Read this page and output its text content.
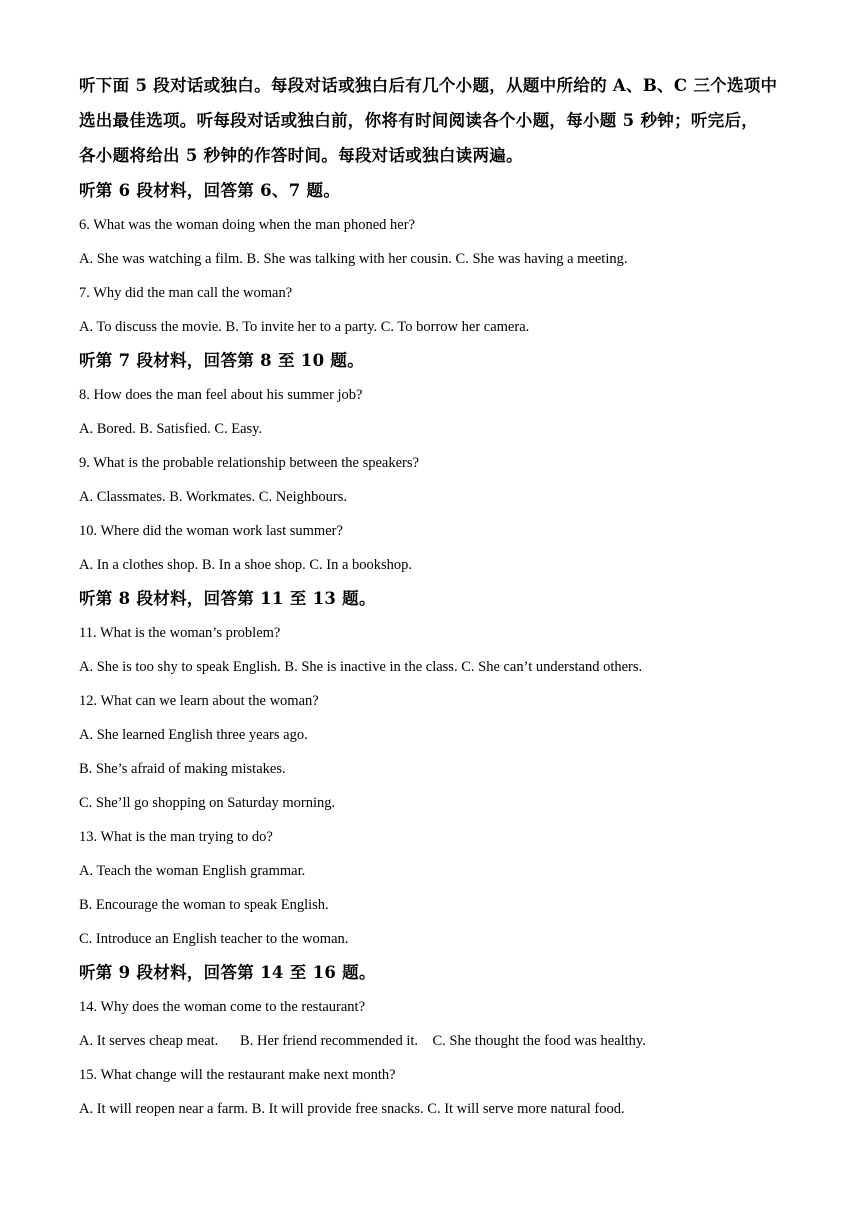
听下面 5 段对话或独白。每段对话或独白后有几个小题，从题中所给的 A、B、C 三个选项中
选出最佳选项。听每段对话或独白前，你将有时间阅读各个小题，每小题 5 秒钟；听完后，
各小题将给出 5 秒钟的作答时间。每段对话或独白读两遍。
听第 6 段材料，回答第 6、7 题。
6. What was the woman doing when the man phoned her?
A. She was watching a film. B. She was talking with her cousin. C. She was having a meeting.
7. Why did the man call the woman?
A. To discuss the movie. B. To invite her to a party. C. To borrow her camera.
听第 7 段材料，回答第 8 至 10 题。
8. How does the man feel about his summer job?
A. Bored. B. Satisfied. C. Easy.
9. What is the probable relationship between the speakers?
A. Classmates. B. Workmates. C. Neighbours.
10. Where did the woman work last summer?
A. In a clothes shop. B. In a shoe shop. C. In a bookshop.
听第 8 段材料，回答第 11 至 13 题。
11. What is the woman’s problem?
A. She is too shy to speak English. B. She is inactive in the class. C. She can’t understand others.
12. What can we learn about the woman?
A. She learned English three years ago.
B. She’s afraid of making mistakes.
C. She’ll go shopping on Saturday morning.
13. What is the man trying to do?
A. Teach the woman English grammar.
B. Encourage the woman to speak English.
C. Introduce an English teacher to the woman.
听第 9 段材料，回答第 14 至 16 题。
14. Why does the woman come to the restaurant?
A. It serves cheap meat.      B. Her friend recommended it.    C. She thought the food was healthy.
15. What change will the restaurant make next month?
A. It will reopen near a farm. B. It will provide free snacks. C. It will serve more natural food.
